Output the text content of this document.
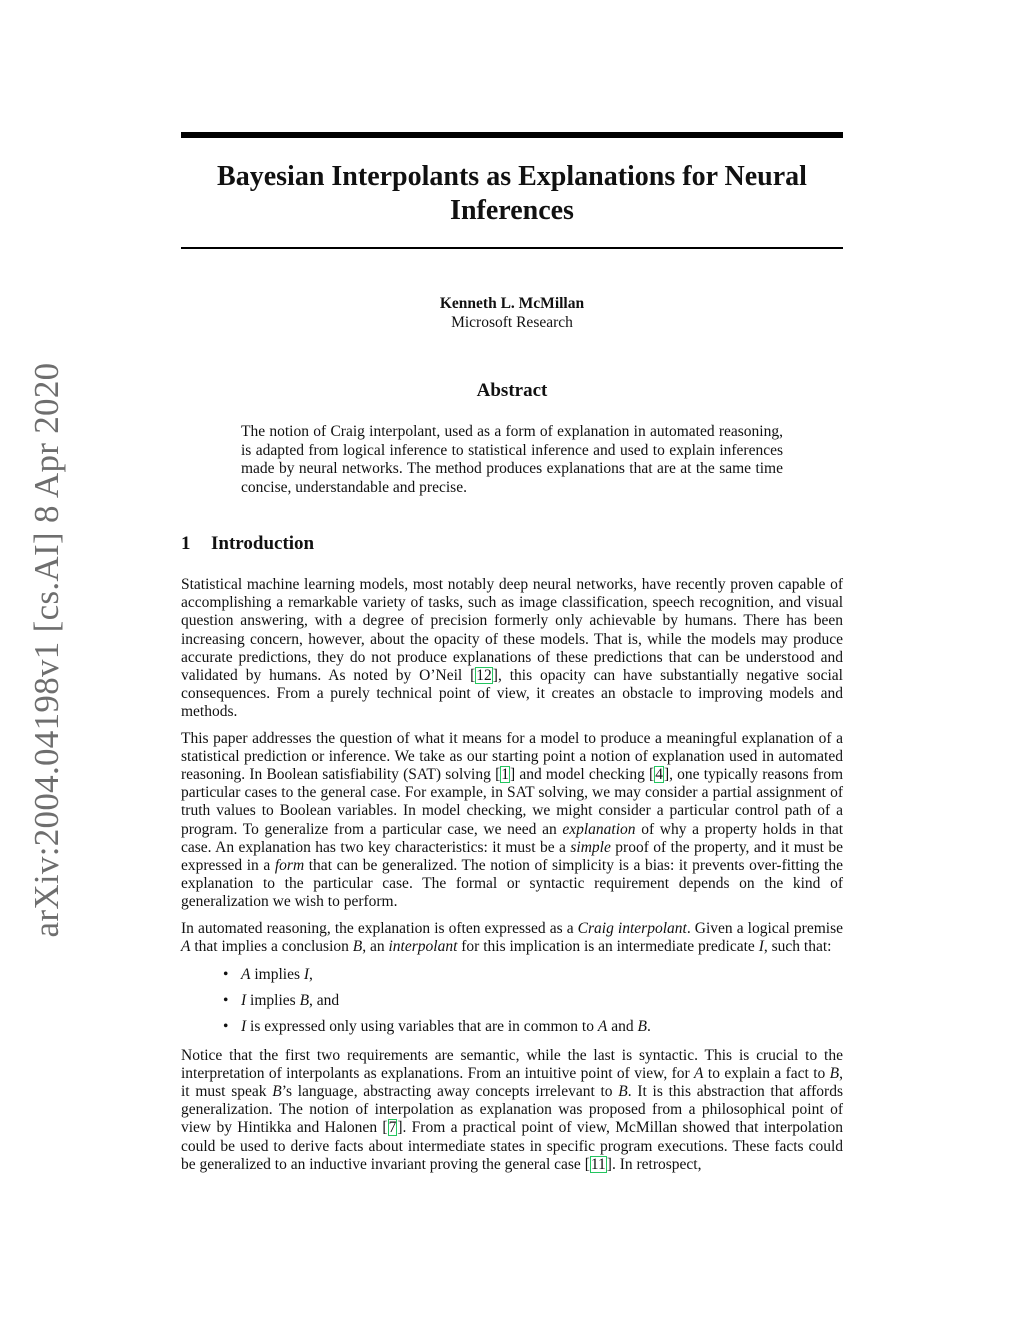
arXiv:2004.04198v1 [cs.AI] 8 Apr 2020
Bayesian Interpolants as Explanations for Neural Inferences
Kenneth L. McMillan
Microsoft Research
Abstract

The notion of Craig interpolant, used as a form of explanation in automated reasoning, is adapted from logical inference to statistical inference and used to explain inferences made by neural networks. The method produces explanations that are at the same time concise, understandable and precise.

1 Introduction

Statistical machine learning models, most notably deep neural networks, have recently proven capable of accomplishing a remarkable variety of tasks, such as image classification, speech recognition, and visual question answering, with a degree of precision formerly only achievable by humans. There has been increasing concern, however, about the opacity of these models. That is, while the models may produce accurate predictions, they do not produce explanations of these predictions that can be understood and validated by humans. As noted by O’Neil [12], this opacity can have substantially negative social consequences. From a purely technical point of view, it creates an obstacle to improving models and methods.

This paper addresses the question of what it means for a model to produce a meaningful explanation of a statistical prediction or inference. We take as our starting point a notion of explanation used in automated reasoning. In Boolean satisfiability (SAT) solving [1] and model checking [4], one typically reasons from particular cases to the general case. For example, in SAT solving, we may consider a partial assignment of truth values to Boolean variables. In model checking, we might consider a particular control path of a program. To generalize from a particular case, we need an explanation of why a property holds in that case. An explanation has two key characteristics: it must be a simple proof of the property, and it must be expressed in a form that can be generalized. The notion of simplicity is a bias: it prevents over-fitting the explanation to the particular case. The formal or syntactic requirement depends on the kind of generalization we wish to perform.

In automated reasoning, the explanation is often expressed as a Craig interpolant. Given a logical premise A that implies a conclusion B, an interpolant for this implication is an intermediate predicate I, such that:

• A implies I,
• I implies B, and
• I is expressed only using variables that are in common to A and B.

Notice that the first two requirements are semantic, while the last is syntactic. This is crucial to the interpretation of interpolants as explanations. From an intuitive point of view, for A to explain a fact to B, it must speak B’s language, abstracting away concepts irrelevant to B. It is this abstraction that affords generalization. The notion of interpolation as explanation was proposed from a philosophical point of view by Hintikka and Halonen [7]. From a practical point of view, McMillan showed that interpolation could be used to derive facts about intermediate states in specific program executions. These facts could be generalized to an inductive invariant proving the general case [11]. In retrospect,
